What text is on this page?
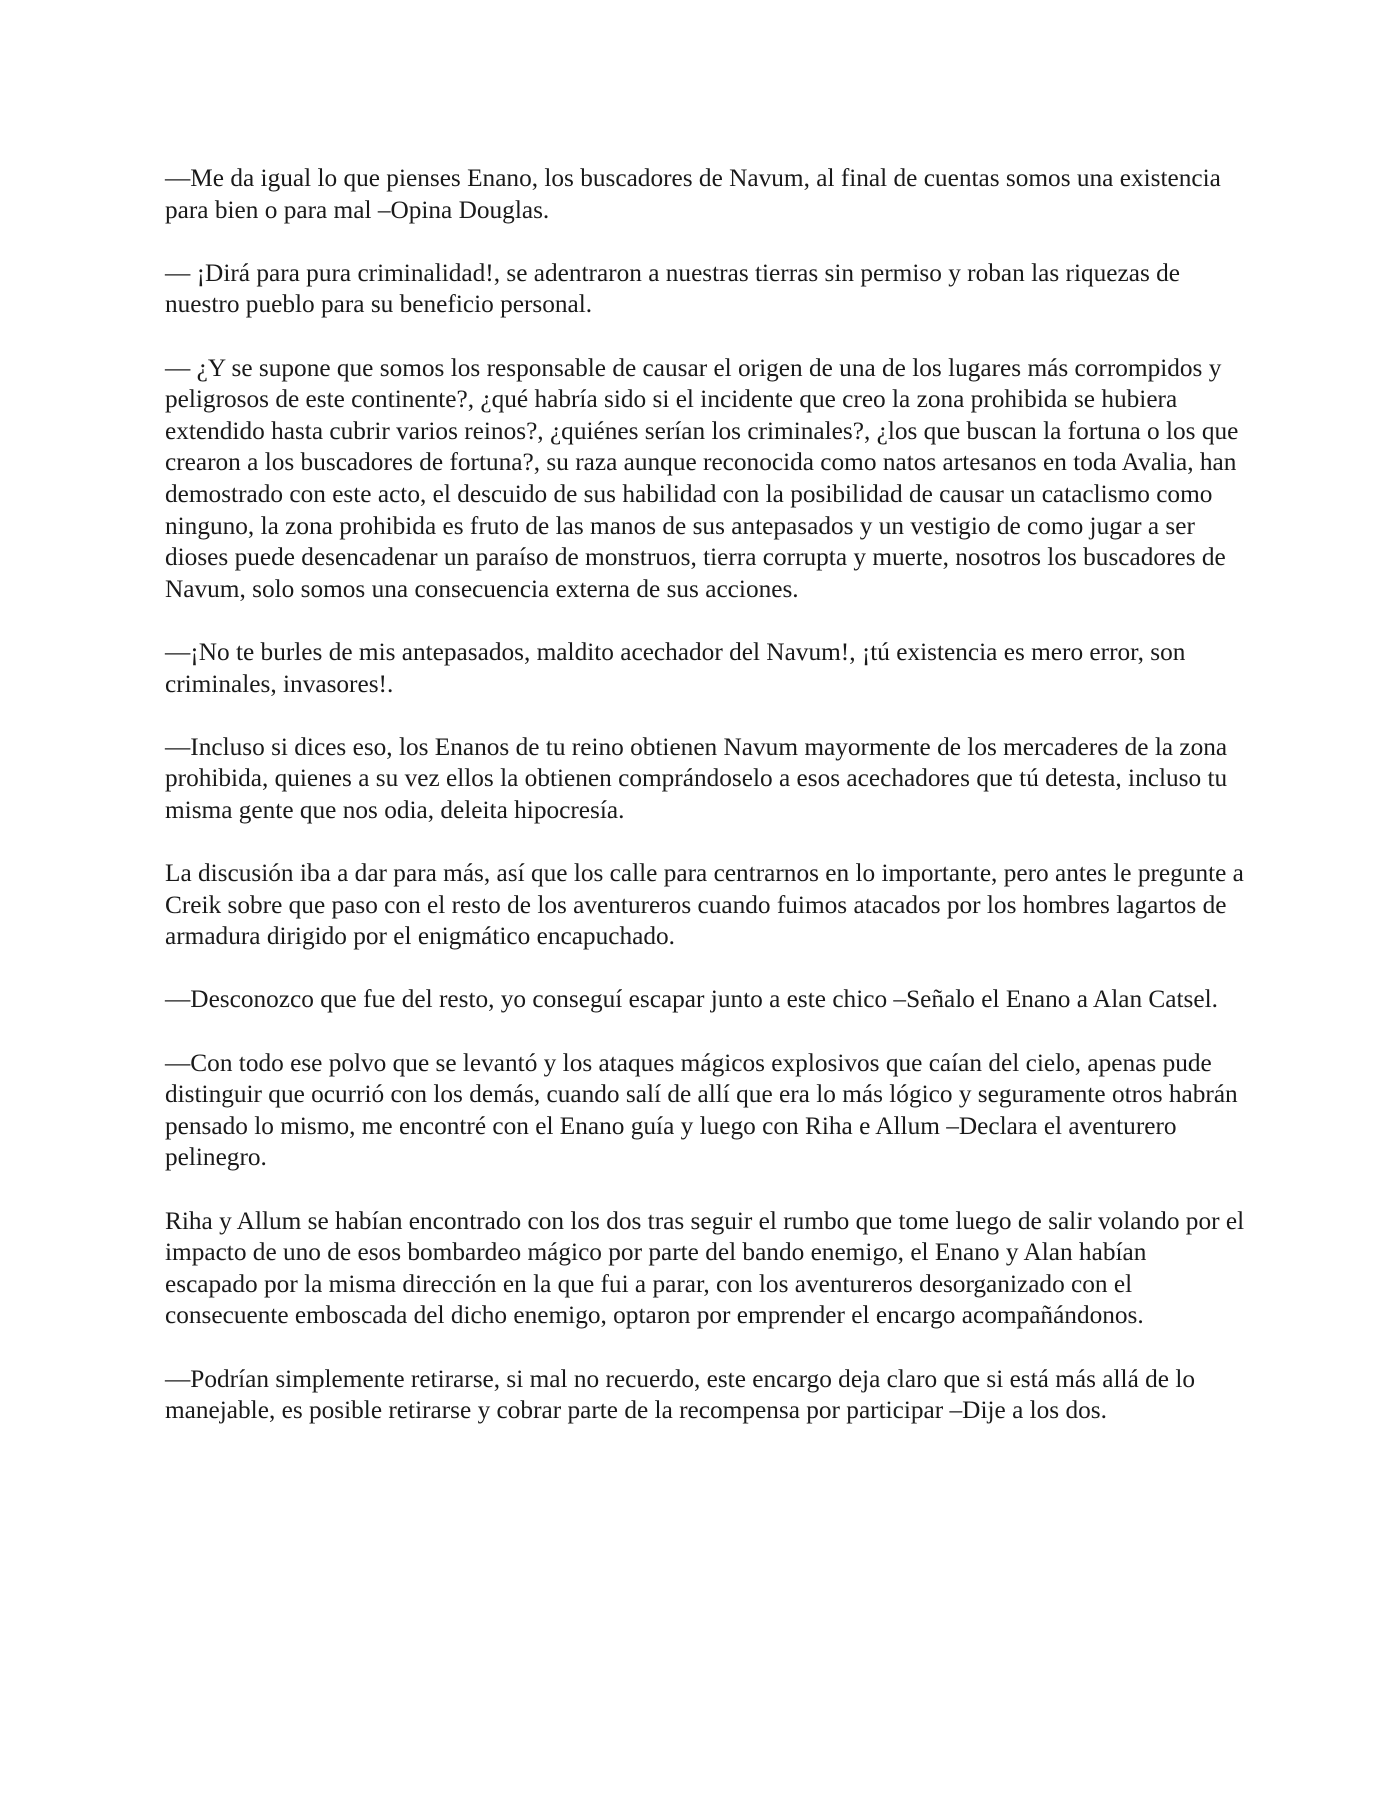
—Me da igual lo que pienses Enano, los buscadores de Navum, al final de cuentas somos una existencia para bien o para mal –Opina Douglas.

— ¡Dirá para pura criminalidad!, se adentraron a nuestras tierras sin permiso y roban las riquezas de nuestro pueblo para su beneficio personal.

— ¿Y se supone que somos los responsable de causar el origen de una de los lugares más corrompidos y peligrosos de este continente?, ¿qué habría sido si el incidente que creo la zona prohibida se hubiera extendido hasta cubrir varios reinos?, ¿quiénes serían los criminales?, ¿los que buscan la fortuna o los que crearon a los buscadores de fortuna?, su raza aunque reconocida como natos artesanos en toda Avalia, han demostrado con este acto, el descuido de sus habilidad con la posibilidad de causar un cataclismo como ninguno, la zona prohibida es fruto de las manos de sus antepasados y un vestigio de como jugar a ser dioses puede desencadenar un paraíso de monstruos, tierra corrupta y muerte, nosotros los buscadores de Navum, solo somos una consecuencia externa de sus acciones.

—¡No te burles de mis antepasados, maldito acechador del Navum!, ¡tú existencia es mero error, son criminales, invasores!.

—Incluso si dices eso, los Enanos de tu reino obtienen Navum mayormente de los mercaderes de la zona prohibida, quienes a su vez ellos la obtienen comprándoselo a esos acechadores que tú detesta, incluso tu misma gente que nos odia, deleita hipocresía.

La discusión iba a dar para más, así que los calle para centrarnos en lo importante, pero antes le pregunte a Creik sobre que paso con el resto de los aventureros cuando fuimos atacados por los hombres lagartos de armadura dirigido por el enigmático encapuchado.

—Desconozco que fue del resto, yo conseguí escapar junto a este chico –Señalo el Enano a Alan Catsel.

—Con todo ese polvo que se levantó y los ataques mágicos explosivos que caían del cielo, apenas pude distinguir que ocurrió con los demás, cuando salí de allí que era lo más lógico y seguramente otros habrán pensado lo mismo, me encontré con el Enano guía y luego con Riha e Allum –Declara el aventurero pelinegro.

Riha y Allum se habían encontrado con los dos tras seguir el rumbo que tome luego de salir volando por el impacto de uno de esos bombardeo mágico por parte del bando enemigo, el Enano y Alan habían escapado por la misma dirección en la que fui a parar, con los aventureros desorganizado con el consecuente emboscada del dicho enemigo, optaron por emprender el encargo acompañándonos.

—Podrían simplemente retirarse, si mal no recuerdo, este encargo deja claro que si está más allá de lo manejable, es posible retirarse y cobrar parte de la recompensa por participar –Dije a los dos.
